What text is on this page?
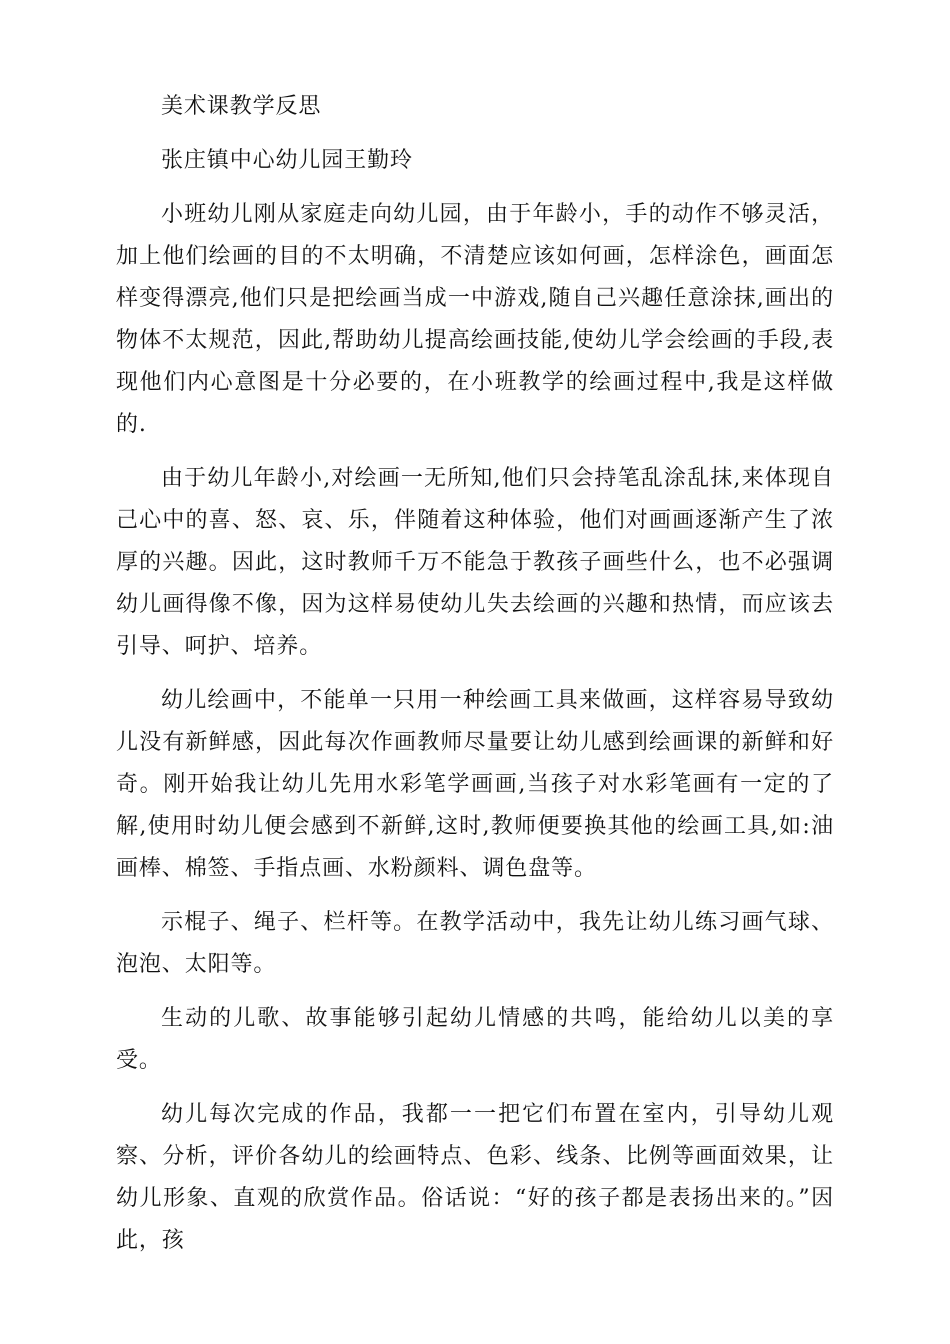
美术课教学反思

张庄镇中心幼儿园王勤玲

小班幼儿刚从家庭走向幼儿园，由于年龄小，手的动作不够灵活，加上他们绘画的目的不太明确，不清楚应该如何画，怎样涂色，画面怎样变得漂亮,他们只是把绘画当成一中游戏,随自己兴趣任意涂抹,画出的物体不太规范，因此,帮助幼儿提高绘画技能,使幼儿学会绘画的手段,表现他们内心意图是十分必要的，在小班教学的绘画过程中,我是这样做的.

由于幼儿年龄小,对绘画一无所知,他们只会持笔乱涂乱抹,来体现自己心中的喜、怒、哀、乐，伴随着这种体验，他们对画画逐渐产生了浓厚的兴趣。因此，这时教师千万不能急于教孩子画些什么，也不必强调幼儿画得像不像，因为这样易使幼儿失去绘画的兴趣和热情，而应该去引导、呵护、培养。

幼儿绘画中，不能单一只用一种绘画工具来做画，这样容易导致幼儿没有新鲜感，因此每次作画教师尽量要让幼儿感到绘画课的新鲜和好奇。刚开始我让幼儿先用水彩笔学画画,当孩子对水彩笔画有一定的了解,使用时幼儿便会感到不新鲜,这时,教师便要换其他的绘画工具,如:油画棒、棉签、手指点画、水粉颜料、调色盘等。

示棍子、绳子、栏杆等。在教学活动中，我先让幼儿练习画气球、泡泡、太阳等。

生动的儿歌、故事能够引起幼儿情感的共鸣，能给幼儿以美的享受。

幼儿每次完成的作品，我都一一把它们布置在室内，引导幼儿观察、分析，评价各幼儿的绘画特点、色彩、线条、比例等画面效果，让幼儿形象、直观的欣赏作品。俗话说：“好的孩子都是表扬出来的。”因此，孩
